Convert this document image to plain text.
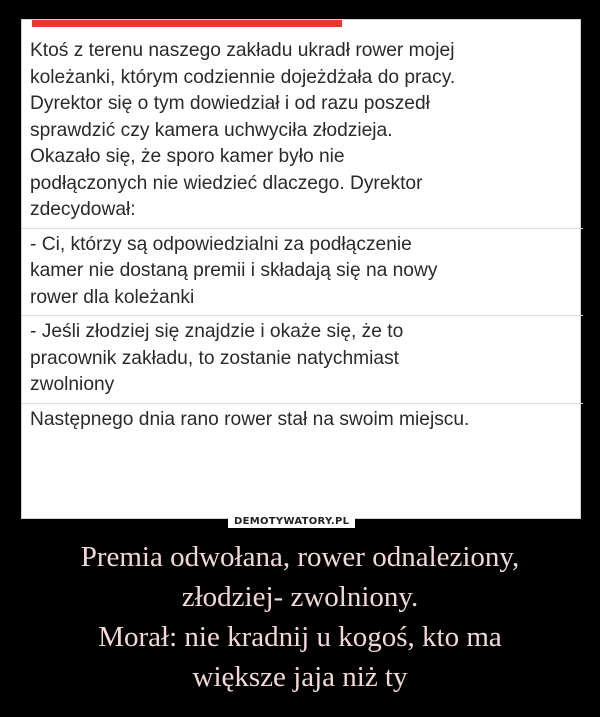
Ktoś z terenu naszego zakładu ukradł rower mojej
koleżanki, którym codziennie dojeżdżała do pracy.
Dyrektor się o tym dowiedział i od razu poszedł
sprawdzić czy kamera uchwyciła złodzieja.
Okazało się, że sporo kamer było nie
podłączonych nie wiedzieć dlaczego. Dyrektor
zdecydował:
- Ci, którzy są odpowiedzialni za podłączenie
kamer nie dostaną premii i składają się na nowy
rower dla koleżanki
- Jeśli złodziej się znajdzie i okaże się, że to
pracownik zakładu, to zostanie natychmiast
zwolniony
Następnego dnia rano rower stał na swoim miejscu.
DEMOTYWATORY.PL
Premia odwołana, rower odnaleziony,
złodziej- zwolniony.
Morał: nie kradnij u kogoś, kto ma
większe jaja niż ty
